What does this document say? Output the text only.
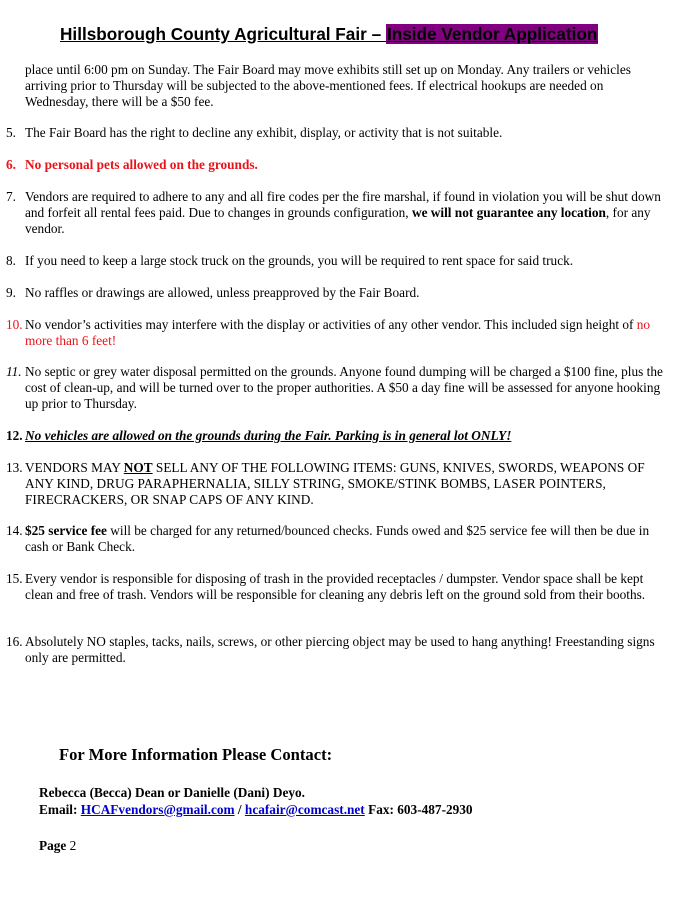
Hillsborough County Agricultural Fair – Inside Vendor Application
place until 6:00 pm on Sunday. The Fair Board may move exhibits still set up on Monday. Any trailers or vehicles arriving prior to Thursday will be subjected to the above-mentioned fees. If electrical hookups are needed on Wednesday, there will be a $50 fee.
5. The Fair Board has the right to decline any exhibit, display, or activity that is not suitable.
6. No personal pets allowed on the grounds.
7. Vendors are required to adhere to any and all fire codes per the fire marshal, if found in violation you will be shut down and forfeit all rental fees paid. Due to changes in grounds configuration, we will not guarantee any location, for any vendor.
8. If you need to keep a large stock truck on the grounds, you will be required to rent space for said truck.
9. No raffles or drawings are allowed, unless preapproved by the Fair Board.
10. No vendor’s activities may interfere with the display or activities of any other vendor. This included sign height of no more than 6 feet!
11. No septic or grey water disposal permitted on the grounds. Anyone found dumping will be charged a $100 fine, plus the cost of clean-up, and will be turned over to the proper authorities. A $50 a day fine will be assessed for anyone hooking up prior to Thursday.
12. No vehicles are allowed on the grounds during the Fair. Parking is in general lot ONLY!
13. VENDORS MAY NOT SELL ANY OF THE FOLLOWING ITEMS: GUNS, KNIVES, SWORDS, WEAPONS OF ANY KIND, DRUG PARAPHERNALIA, SILLY STRING, SMOKE/STINK BOMBS, LASER POINTERS, FIRECRACKERS, OR SNAP CAPS OF ANY KIND.
14. $25 service fee will be charged for any returned/bounced checks. Funds owed and $25 service fee will then be due in cash or Bank Check.
15. Every vendor is responsible for disposing of trash in the provided receptacles / dumpster. Vendor space shall be kept clean and free of trash. Vendors will be responsible for cleaning any debris left on the ground sold from their booths.
16. Absolutely NO staples, tacks, nails, screws, or other piercing object may be used to hang anything! Freestanding signs only are permitted.
For More Information Please Contact:
Rebecca (Becca) Dean or Danielle (Dani) Deyo.
Email: HCAFvendors@gmail.com / hcafair@comcast.net Fax: 603-487-2930
Page 2
